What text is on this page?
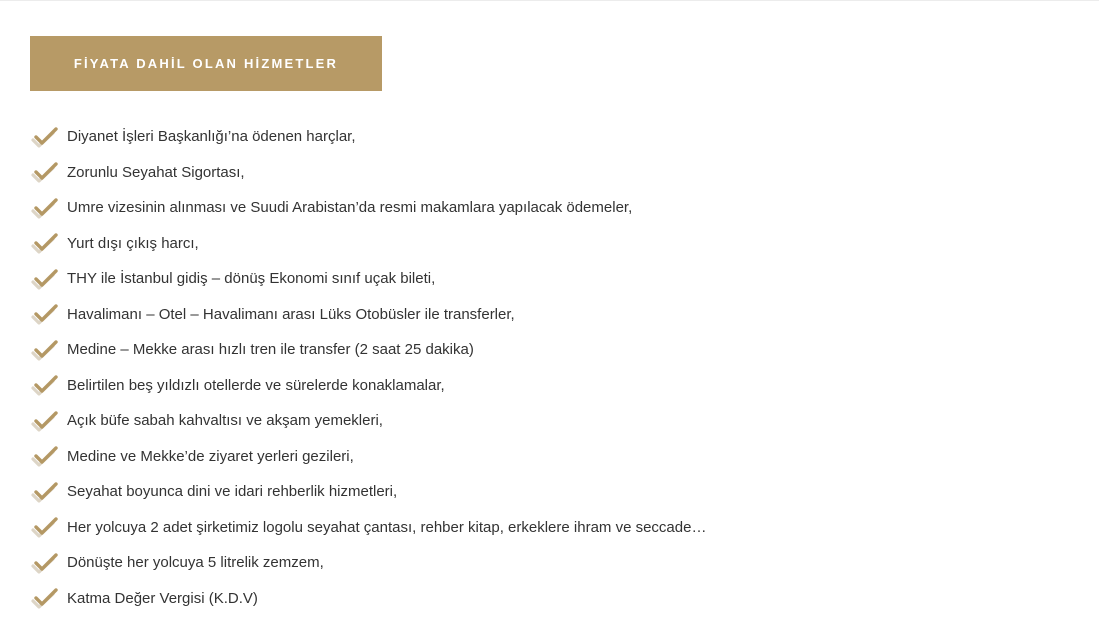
FİYATA DAHİL OLAN HİZMETLER
Diyanet İşleri Başkanlığı’na ödenen harçlar,
Zorunlu Seyahat Sigortası,
Umre vizesinin alınması ve Suudi Arabistan’da resmi makamlara yapılacak ödemeler,
Yurt dışı çıkış harcı,
THY ile İstanbul gidiş – dönüş Ekonomi sınıf uçak bileti,
Havalimanı – Otel – Havalimanı arası Lüks Otobüsler ile transferler,
Medine – Mekke arası hızlı tren ile transfer (2 saat 25 dakika)
Belirtilen beş yıldızlı otellerde ve sürelerde konaklamalar,
Açık büfe sabah kahvaltısı ve akşam yemekleri,
Medine ve Mekke’de ziyaret yerleri gezileri,
Seyahat boyunca dini ve idari rehberlik hizmetleri,
Her yolcuya 2 adet şirketimiz logolu seyahat çantası, rehber kitap, erkeklere ihram ve seccade…
Dönüşte her yolcuya 5 litrelik zemzem,
Katma Değer Vergisi (K.D.V)
